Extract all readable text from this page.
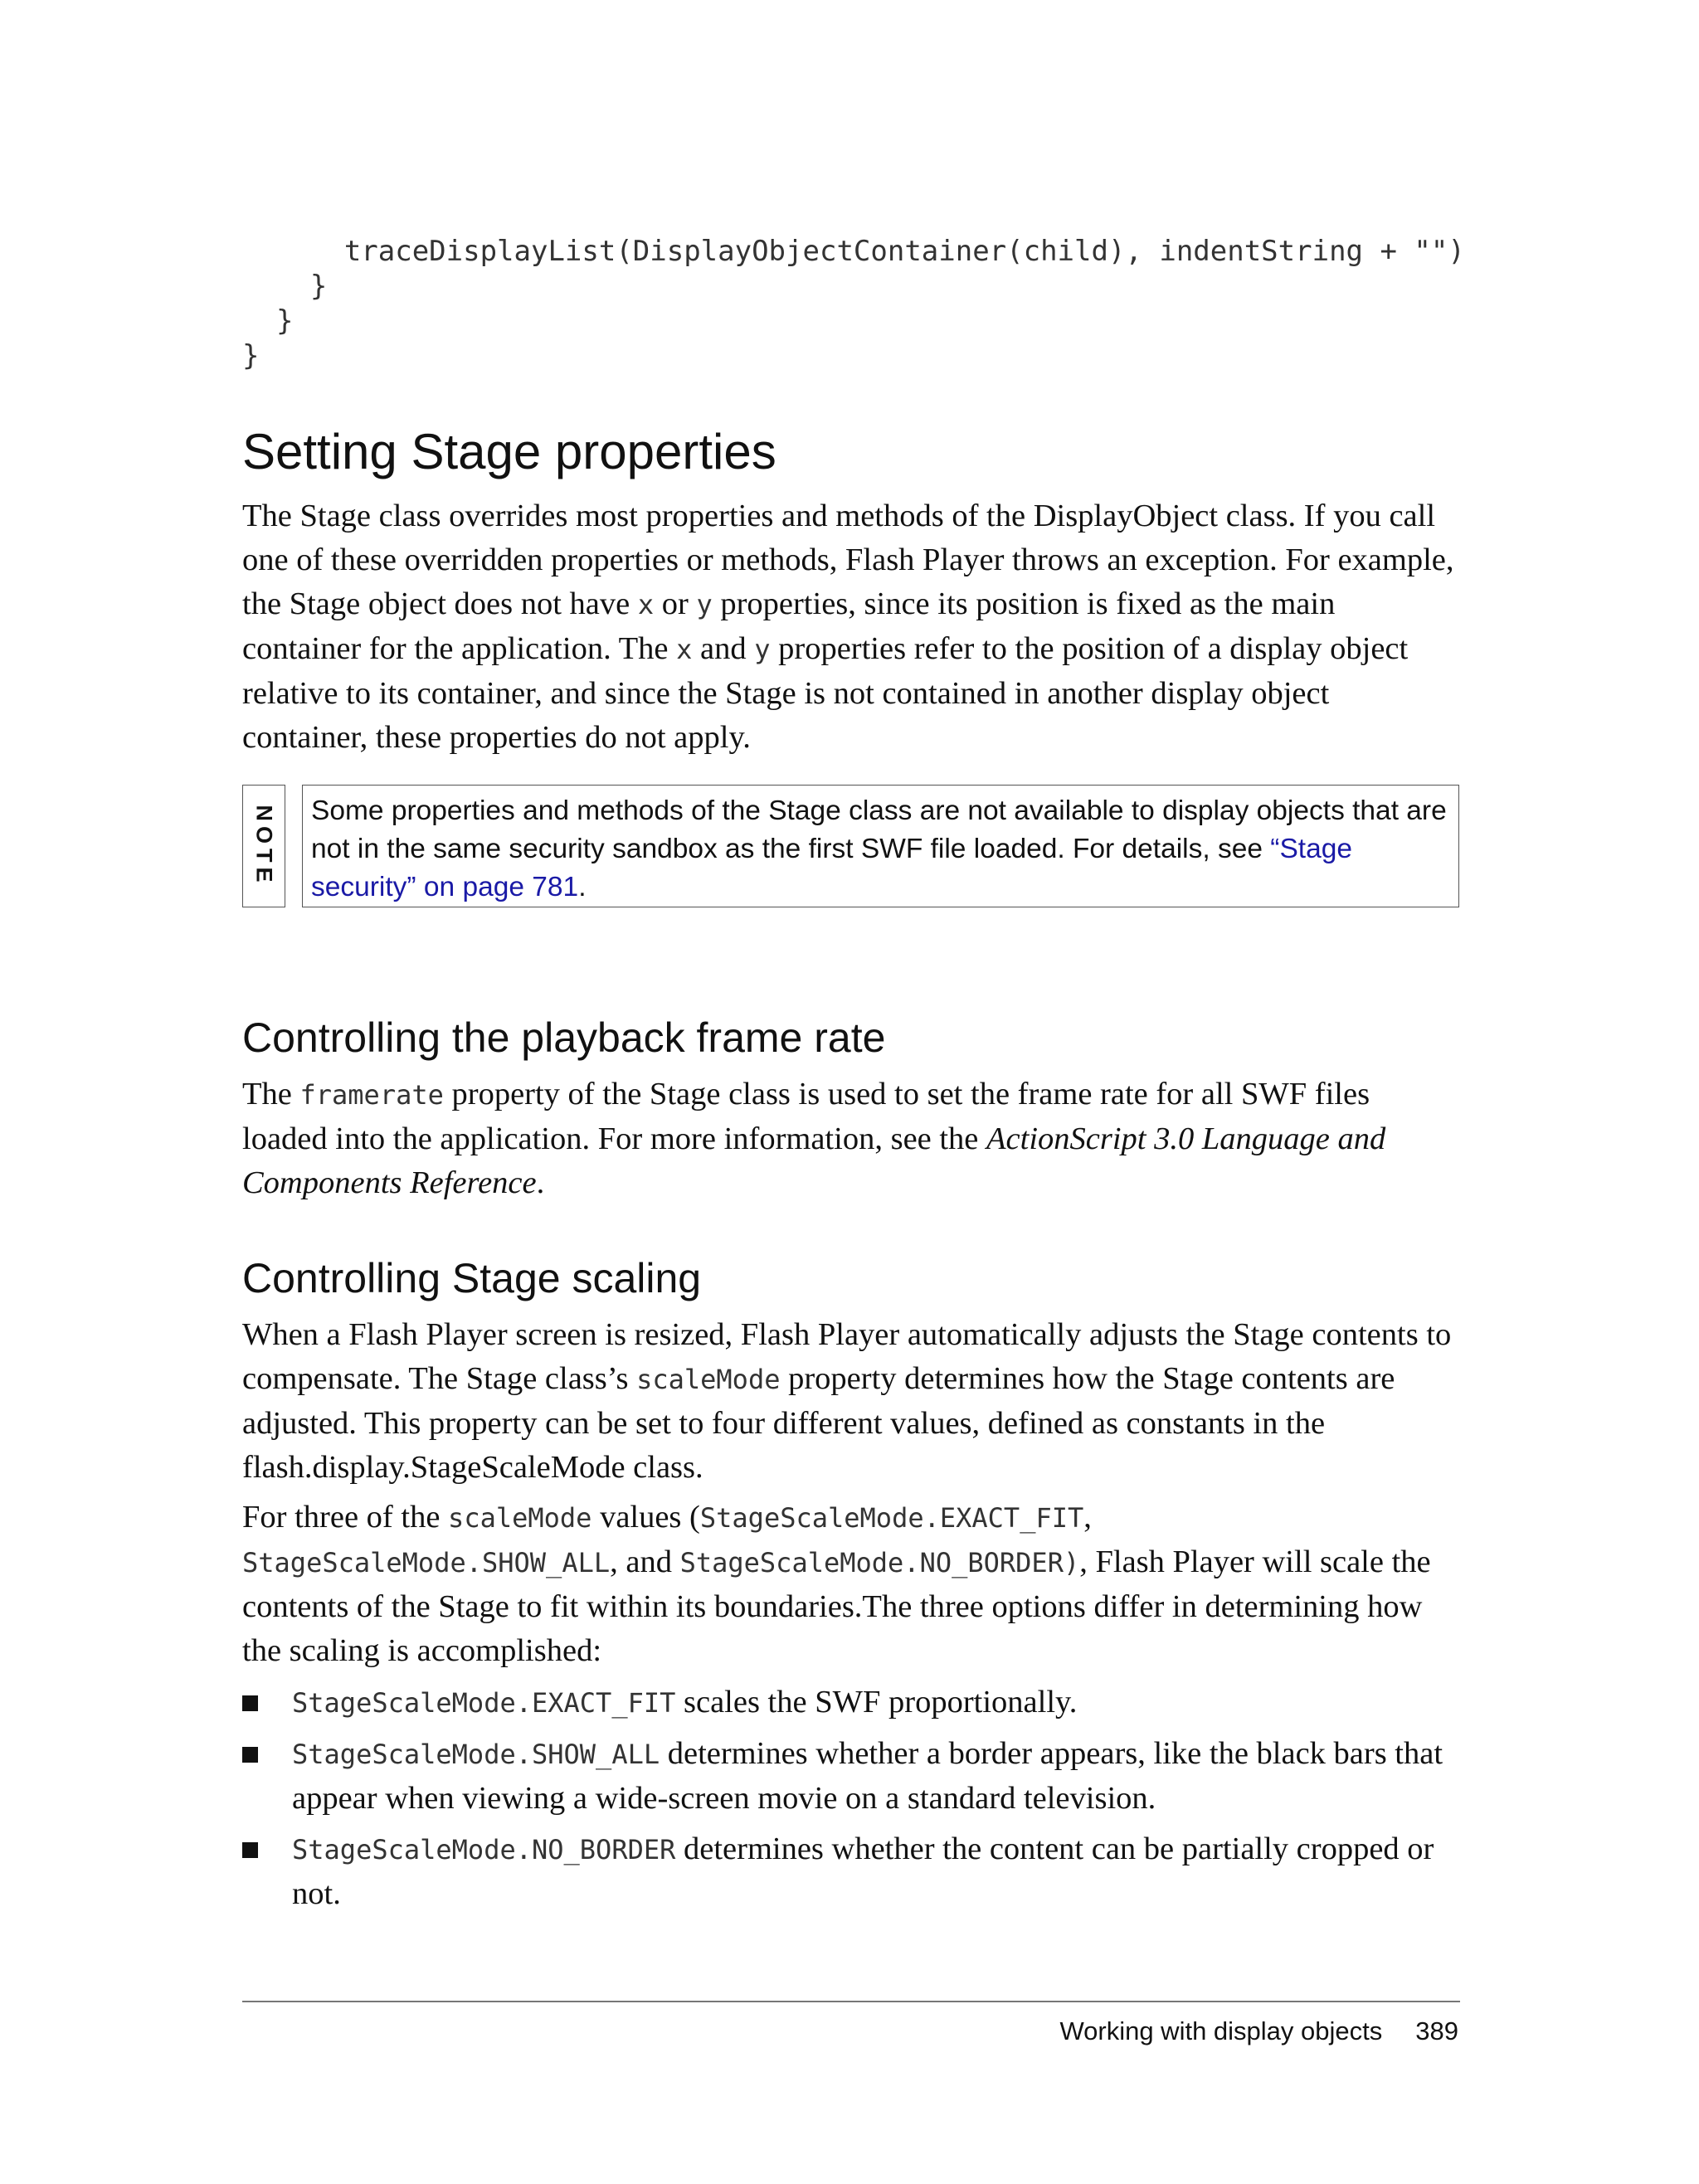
traceDisplayList(DisplayObjectContainer(child), indentString + "")
}
}
}
Setting Stage properties

The Stage class overrides most properties and methods of the DisplayObject class. If you call one of these overridden properties or methods, Flash Player throws an exception. For example, the Stage object does not have x or y properties, since its position is fixed as the main container for the application. The x and y properties refer to the position of a display object relative to its container, and since the Stage is not contained in another display object container, these properties do not apply.

NOTE	Some properties and methods of the Stage class are not available to display objects that are not in the same security sandbox as the first SWF file loaded. For details, see “Stage security” on page 781.
Controlling the playback frame rate

The framerate property of the Stage class is used to set the frame rate for all SWF files loaded into the application. For more information, see the ActionScript 3.0 Language and Components Reference.

Controlling Stage scaling

When a Flash Player screen is resized, Flash Player automatically adjusts the Stage contents to compensate. The Stage class’s scaleMode property determines how the Stage contents are adjusted. This property can be set to four different values, defined as constants in the flash.display.StageScaleMode class.

For three of the scaleMode values (StageScaleMode.EXACT_FIT, StageScaleMode.SHOW_ALL, and StageScaleMode.NO_BORDER), Flash Player will scale the contents of the Stage to fit within its boundaries.The three options differ in determining how the scaling is accomplished:

StageScaleMode.EXACT_FIT scales the SWF proportionally.
StageScaleMode.SHOW_ALL determines whether a border appears, like the black bars that appear when viewing a wide-screen movie on a standard television.
StageScaleMode.NO_BORDER determines whether the content can be partially cropped or not.
Working with display objects 389
